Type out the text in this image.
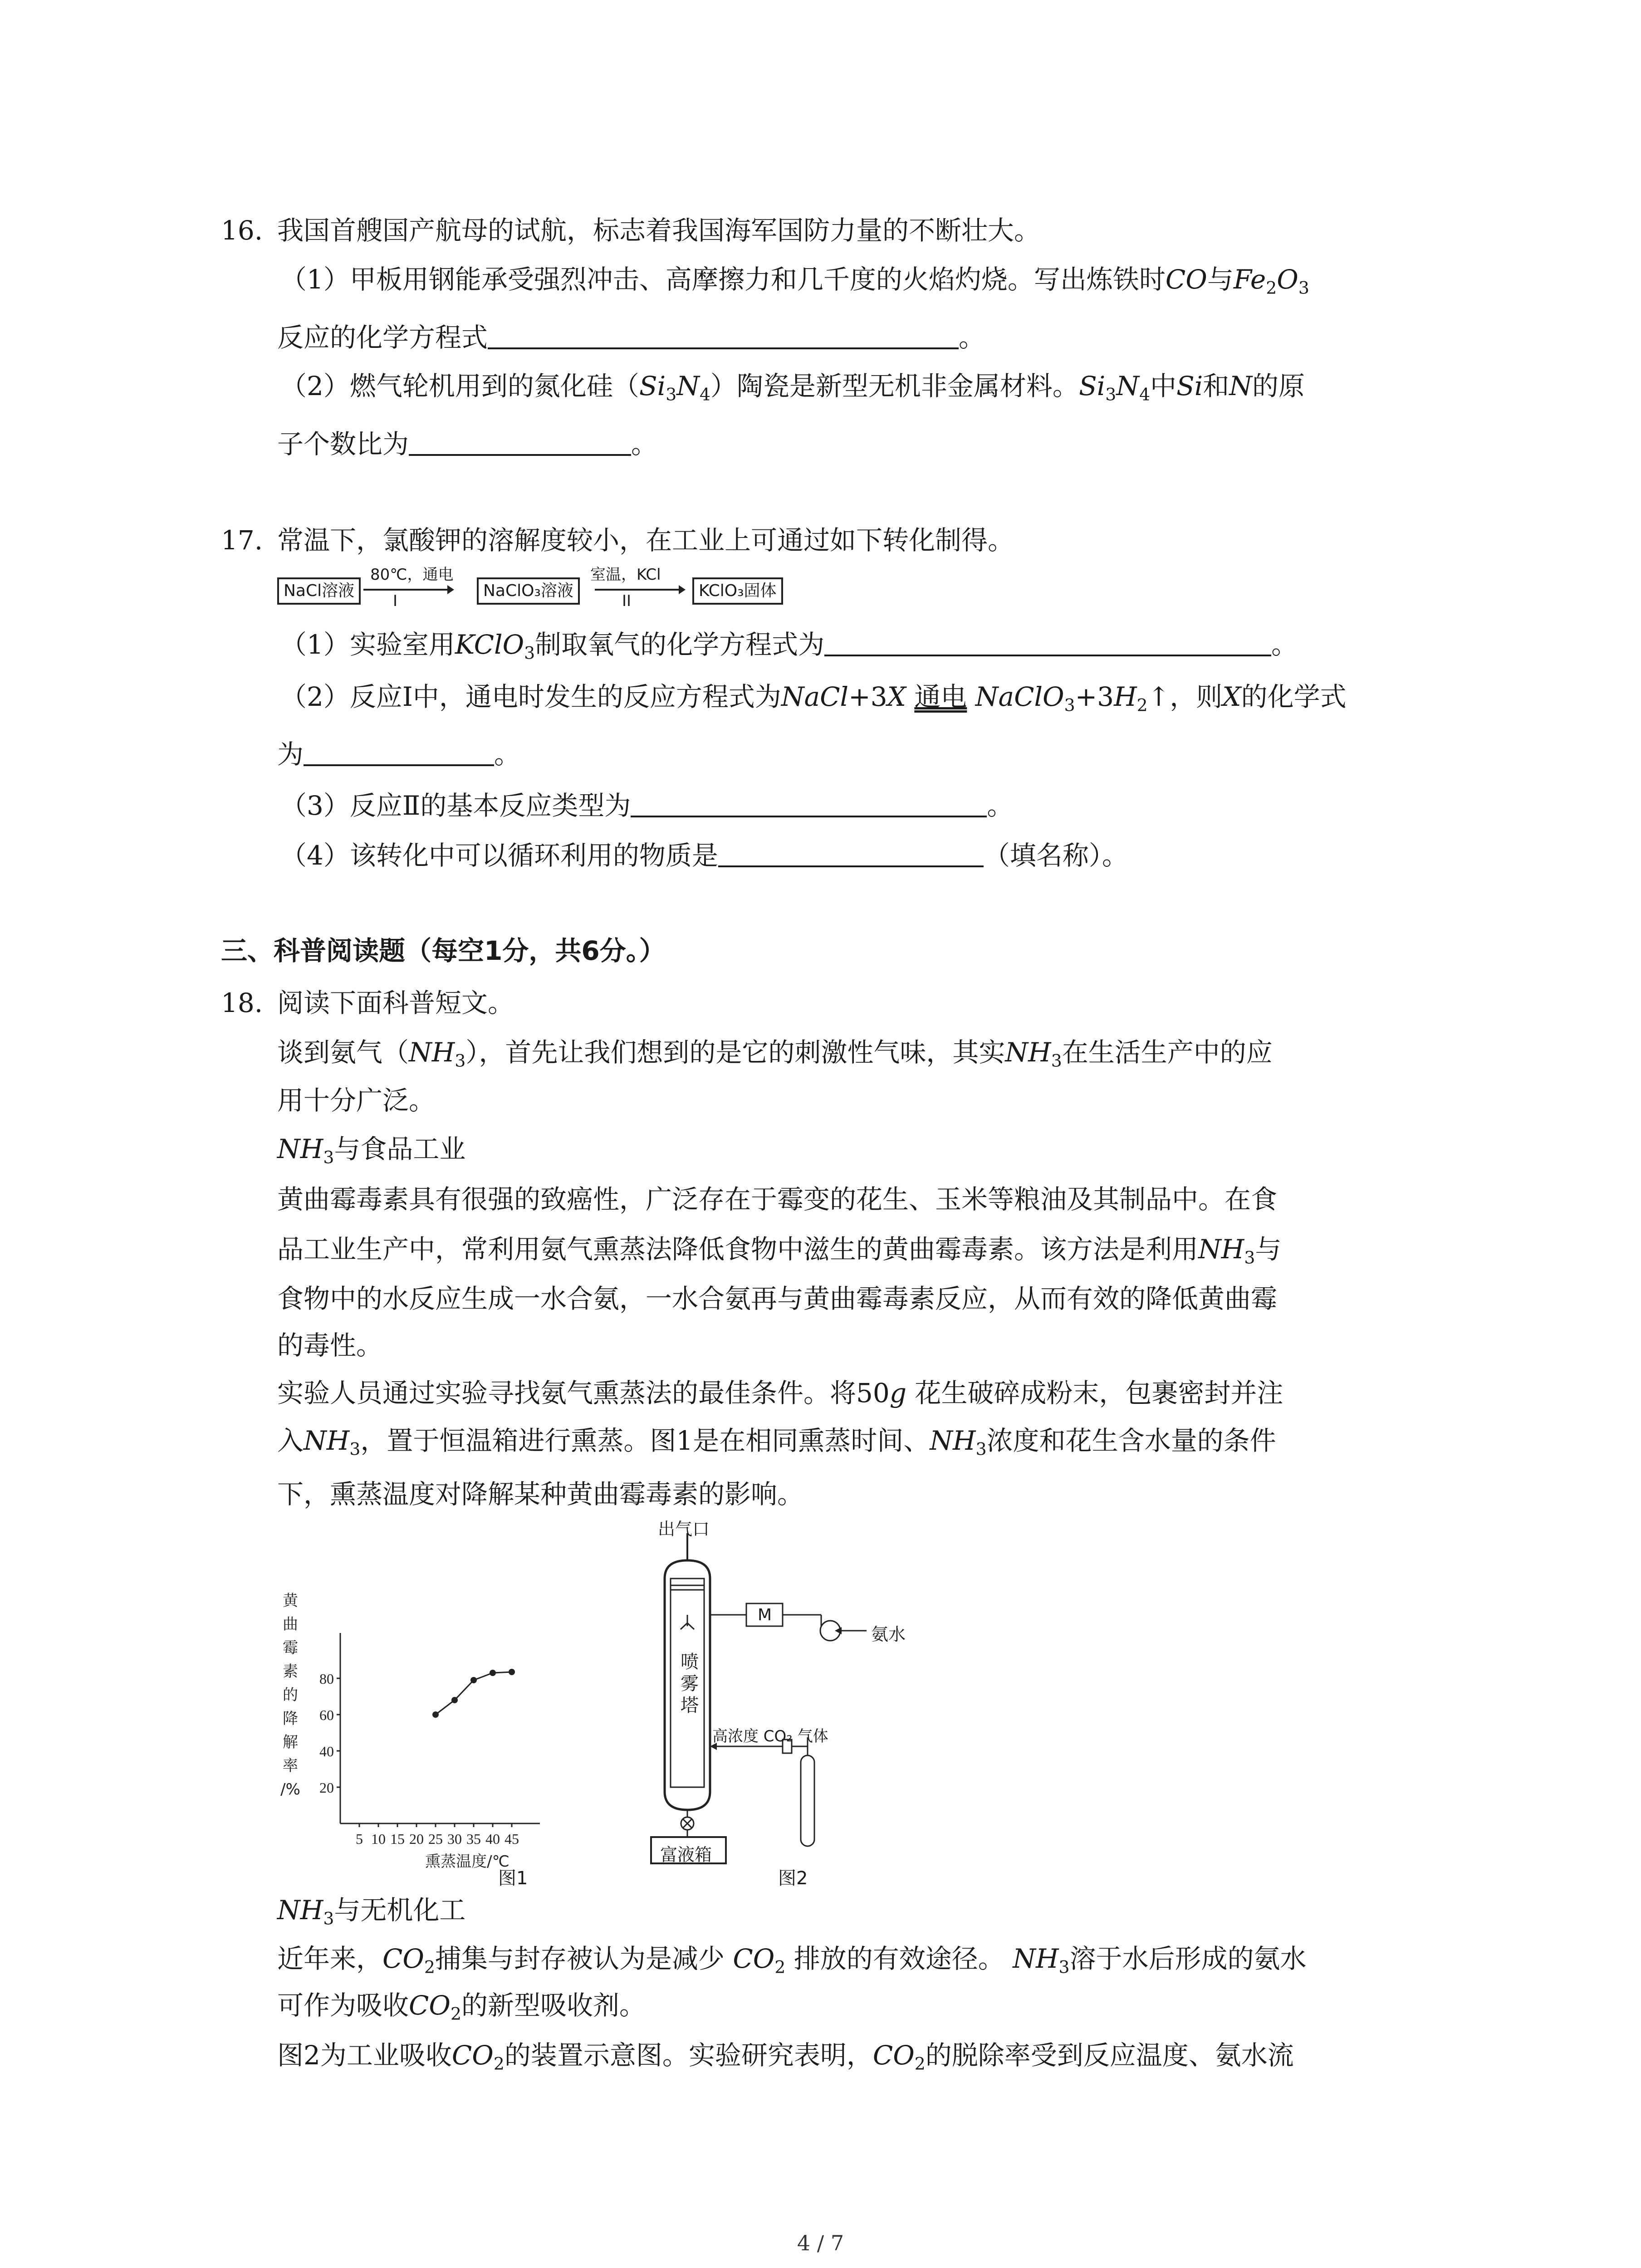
16. 我国首艘国产航母的试航，标志着我国海军国防力量的不断壮大。
（1）甲板用钢能承受强烈冲击、高摩擦力和几千度的火焰灼烧。写出炼铁时CO与$Fe_2O_3$
反应的化学方程式	。
（2）燃气轮机用到的氮化硅$(Si_3N_4)$陶瓷是新型无机非金属材料。$Si_3N_4$中Si和N的原
子个数比为	。
17. 常温下，氯酸钾的溶解度较小，在工业上可通过如下转化制得。
NaCl溶液
80℃，通电
I
NaClO₃溶液
室温，KCl
II
KClO₃固体
（1）实验室用KClO$_3$制取氧气的化学方程式为	。
（2）反应Ⅰ中，通电时发生的反应方程式为NaCl+3X 通电 $NaClO_3+3H_2↑$，则X的化学式
为	。
（3）反应Ⅱ的基本反应类型为	。
（4）该转化中可以循环利用的物质是	（填名称）。
三、科普阅读题（每空1分，共6分。）
18. 阅读下面科普短文。
谈到氨气$(NH_3)$，首先让我们想到的是它的刺激性气味，其实$NH_3$在生活生产中的应
用十分广泛。
$NH_3$与食品工业
黄曲霉毒素具有很强的致癌性，广泛存在于霉变的花生、玉米等粮油及其制品中。在食
品工业生产中，常利用氨气熏蒸法降低食物中滋生的黄曲霉毒素。该方法是利用$NH_3$与
食物中的水反应生成一水合氨，一水合氨再与黄曲霉毒素反应，从而有效的降低黄曲霉
的毒性。
实验人员通过实验寻找氨气熏蒸法的最佳条件。将50g 花生破碎成粉末，包裹密封并注
入$NH_3$，置于恒温箱进行熏蒸。图1是在相同熏蒸时间、$NH_3$浓度和花生含水量的条件
下，熏蒸温度对降解某种黄曲霉毒素的影响。
20
40
60
80
5 10 15 20 25 30 35 40 45
黄
曲
霉
素
的
降
解
率
/%
熏蒸温度/℃
图1
出气口
喷
雾
塔
M
氨水
高浓度 CO₂ 气体
富液箱
图2
$NH_3$与无机化工
近年来，$CO_2$捕集与封存被认为是减少 $CO_2$ 排放的有效途径。 $NH_3$溶于水后形成的氨水
可作为吸收$CO_2$的新型吸收剂。
图2为工业吸收$CO_2$的装置示意图。实验研究表明，$CO_2$的脱除率受到反应温度、氨水流
4 / 7
